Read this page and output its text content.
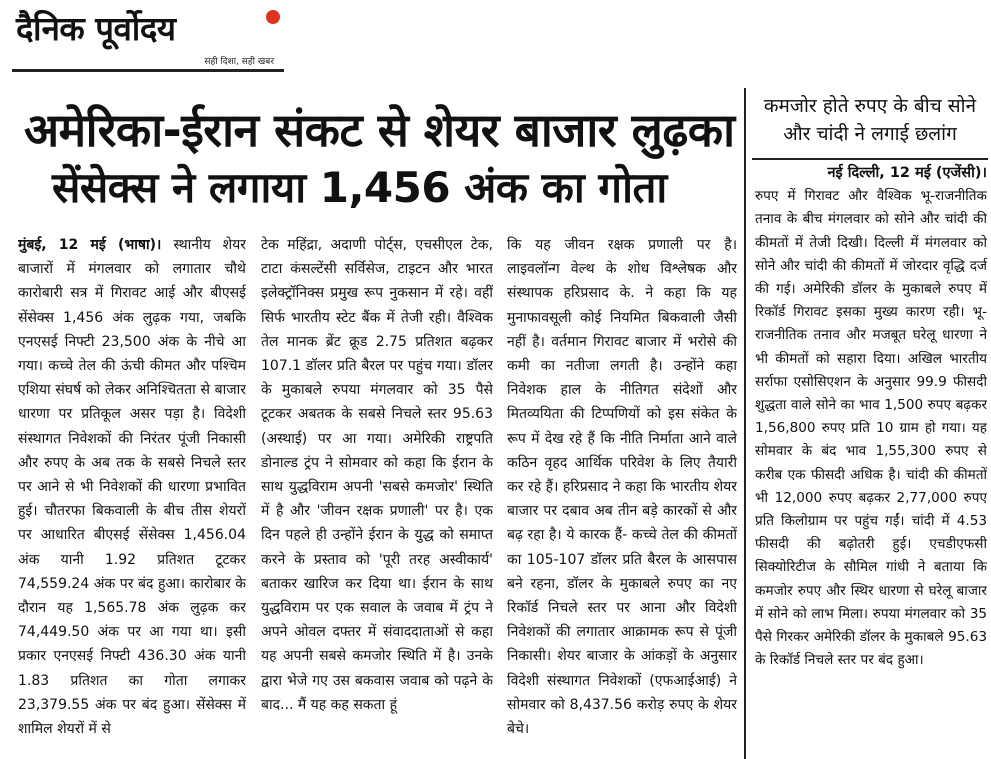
दैनिक पूर्वोदय
सही दिशा, सही खबर
अमेरिका-ईरान संकट से शेयर बाजार लुढ़का
सेंसेक्स ने लगाया 1,456 अंक का गोता
मुंबई, 12 मई (भाषा)। स्थानीय शेयर बाजारों में मंगलवार को लगातार चौथे कारोबारी सत्र में गिरावट आई और बीएसई सेंसेक्स 1,456 अंक लुढ़क गया, जबकि एनएसई निफ्टी 23,500 अंक के नीचे आ गया। कच्चे तेल की ऊंची कीमत और पश्चिम एशिया संघर्ष को लेकर अनिश्चितता से बाजार धारणा पर प्रतिकूल असर पड़ा है। विदेशी संस्थागत निवेशकों की निरंतर पूंजी निकासी और रुपए के अब तक के सबसे निचले स्तर पर आने से भी निवेशकों की धारणा प्रभावित हुई। चौतरफा बिकवाली के बीच तीस शेयरों पर आधारित बीएसई सेंसेक्स 1,456.04 अंक यानी 1.92 प्रतिशत टूटकर 74,559.24 अंक पर बंद हुआ। कारोबार के दौरान यह 1,565.78 अंक लुढ़क कर 74,449.50 अंक पर आ गया था। इसी प्रकार एनएसई निफ्टी 436.30 अंक यानी 1.83 प्रतिशत का गोता लगाकर 23,379.55 अंक पर बंद हुआ। सेंसेक्स में शामिल शेयरों में से
टेक महिंद्रा, अदाणी पोर्ट्स, एचसीएल टेक, टाटा कंसल्टेंसी सर्विसेज, टाइटन और भारत इलेक्ट्रॉनिक्स प्रमुख रूप नुकसान में रहे। वहीं सिर्फ भारतीय स्टेट बैंक में तेजी रही। वैश्विक तेल मानक ब्रेंट क्रूड 2.75 प्रतिशत बढ़कर 107.1 डॉलर प्रति बैरल पर पहुंच गया। डॉलर के मुकाबले रुपया मंगलवार को 35 पैसे टूटकर अबतक के सबसे निचले स्तर 95.63 (अस्थाई) पर आ गया। अमेरिकी राष्ट्रपति डोनाल्ड ट्रंप ने सोमवार को कहा कि ईरान के साथ युद्धविराम अपनी 'सबसे कमजोर' स्थिति में है और 'जीवन रक्षक प्रणाली' पर है। एक दिन पहले ही उन्होंने ईरान के युद्ध को समाप्त करने के प्रस्ताव को 'पूरी तरह अस्वीकार्य' बताकर खारिज कर दिया था। ईरान के साथ युद्धविराम पर एक सवाल के जवाब में ट्रंप ने अपने ओवल दफ्तर में संवाददाताओं से कहा यह अपनी सबसे कमजोर स्थिति में है। उनके द्वारा भेजे गए उस बकवास जवाब को पढ़ने के बाद... मैं यह कह सकता हूं
कि यह जीवन रक्षक प्रणाली पर है। लाइवलॉन्ग वेल्थ के शोध विश्लेषक और संस्थापक हरिप्रसाद के. ने कहा कि यह मुनाफावसूली कोई नियमित बिकवाली जैसी नहीं है। वर्तमान गिरावट बाजार में भरोसे की कमी का नतीजा लगती है। उन्होंने कहा निवेशक हाल के नीतिगत संदेशों और मितव्ययिता की टिप्पणियों को इस संकेत के रूप में देख रहे हैं कि नीति निर्माता आने वाले कठिन वृहद आर्थिक परिवेश के लिए तैयारी कर रहे हैं। हरिप्रसाद ने कहा कि भारतीय शेयर बाजार पर दबाव अब तीन बड़े कारकों से और बढ़ रहा है। ये कारक हैं- कच्चे तेल की कीमतों का 105-107 डॉलर प्रति बैरल के आसपास बने रहना, डॉलर के मुकाबले रुपए का नए रिकॉर्ड निचले स्तर पर आना और विदेशी निवेशकों की लगातार आक्रामक रूप से पूंजी निकासी। शेयर बाजार के आंकड़ों के अनुसार विदेशी संस्थागत निवेशकों (एफआईआई) ने सोमवार को 8,437.56 करोड़ रुपए के शेयर बेचे।
कमजोर होते रुपए के बीच सोने और चांदी ने लगाई छलांग
नई दिल्ली, 12 मई (एजेंसी)।
रुपए में गिरावट और वैश्विक भू-राजनीतिक तनाव के बीच मंगलवार को सोने और चांदी की कीमतों में तेजी दिखी। दिल्ली में मंगलवार को सोने और चांदी की कीमतों में जोरदार वृद्धि दर्ज की गई। अमेरिकी डॉलर के मुकाबले रुपए में रिकॉर्ड गिरावट इसका मुख्य कारण रही। भू-राजनीतिक तनाव और मजबूत घरेलू धारणा ने भी कीमतों को सहारा दिया। अखिल भारतीय सर्राफा एसोसिएशन के अनुसार 99.9 फीसदी शुद्धता वाले सोने का भाव 1,500 रुपए बढ़कर 1,56,800 रुपए प्रति 10 ग्राम हो गया। यह सोमवार के बंद भाव 1,55,300 रुपए से करीब एक फीसदी अधिक है। चांदी की कीमतों भी 12,000 रुपए बढ़कर 2,77,000 रुपए प्रति किलोग्राम पर पहुंच गईं। चांदी में 4.53 फीसदी की बढ़ोतरी हुई। एचडीएफसी सिक्योरिटीज के सौमिल गांधी ने बताया कि कमजोर रुपए और स्थिर धारणा से घरेलू बाजार में सोने को लाभ मिला। रुपया मंगलवार को 35 पैसे गिरकर अमेरिकी डॉलर के मुकाबले 95.63 के रिकॉर्ड निचले स्तर पर बंद हुआ।
